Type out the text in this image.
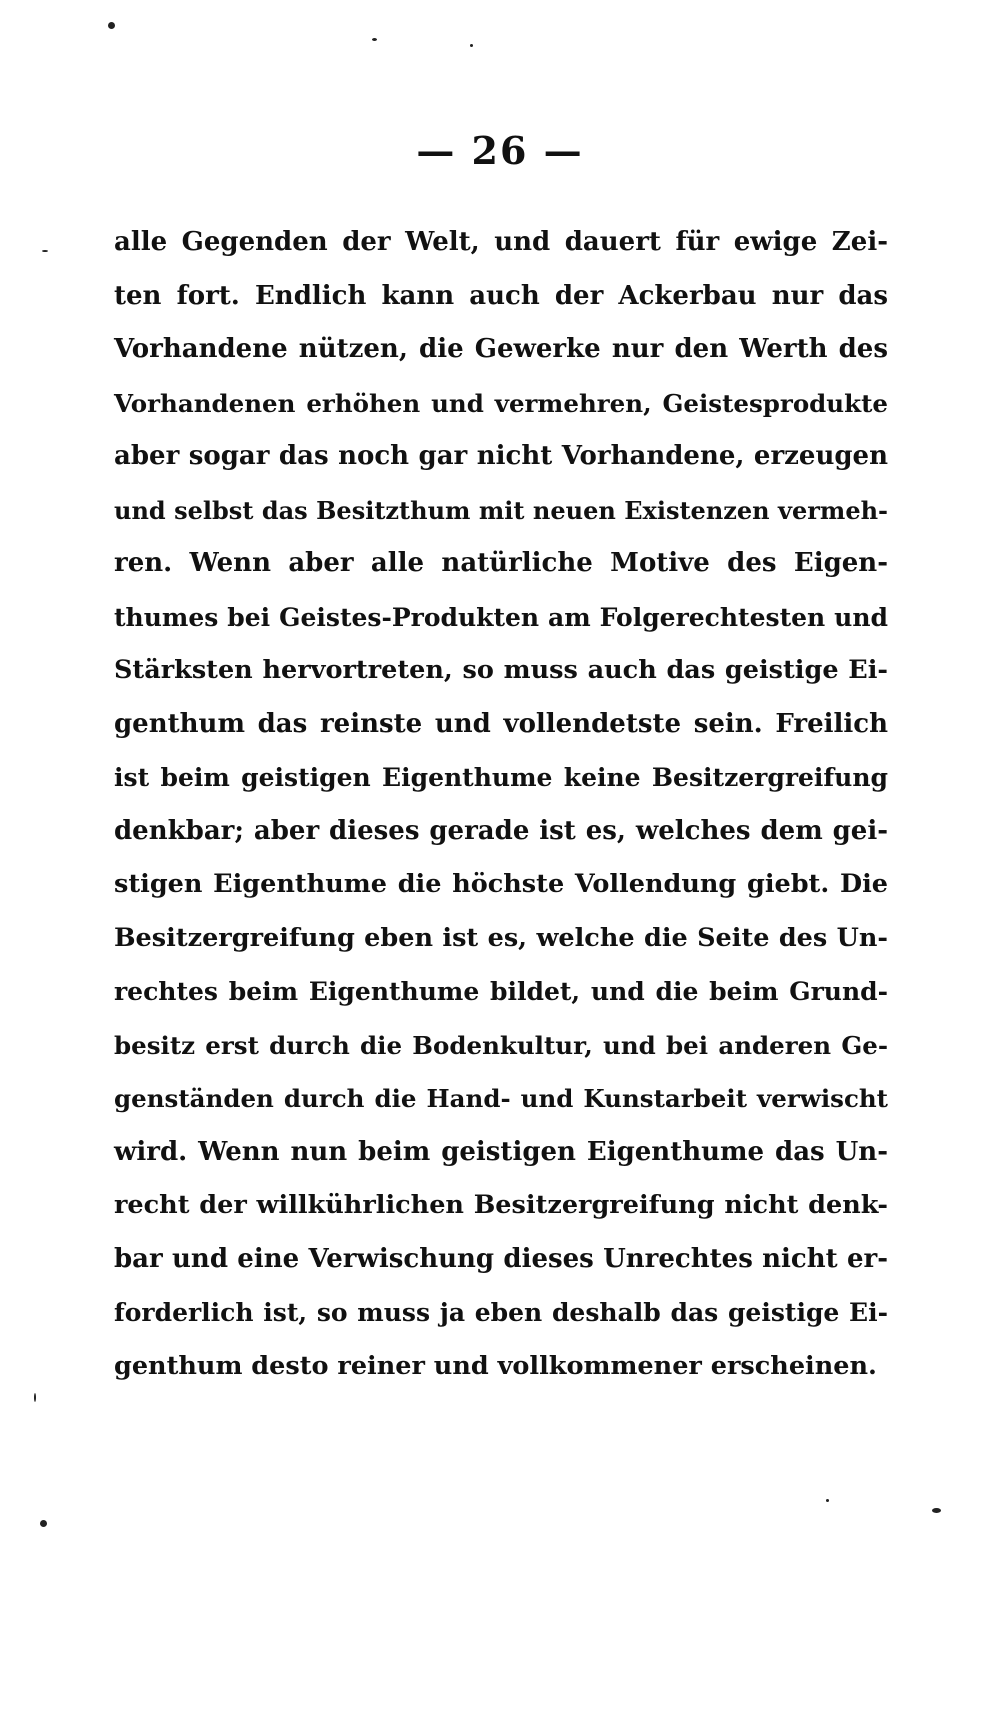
— 26 —
alle Gegenden der Welt, und dauert für ewige Zei-
ten fort. Endlich kann auch der Ackerbau nur das
Vorhandene nützen, die Gewerke nur den Werth des
Vorhandenen erhöhen und vermehren, Geistesprodukte
aber sogar das noch gar nicht Vorhandene, erzeugen
und selbst das Besitzthum mit neuen Existenzen vermeh-
ren. Wenn aber alle natürliche Motive des Eigen-
thumes bei Geistes-Produkten am Folgerechtesten und
Stärksten hervortreten, so muss auch das geistige Ei-
genthum das reinste und vollendetste sein. Freilich
ist beim geistigen Eigenthume keine Besitzergreifung
denkbar; aber dieses gerade ist es, welches dem gei-
stigen Eigenthume die höchste Vollendung giebt. Die
Besitzergreifung eben ist es, welche die Seite des Un-
rechtes beim Eigenthume bildet, und die beim Grund-
besitz erst durch die Bodenkultur, und bei anderen Ge-
genständen durch die Hand- und Kunstarbeit verwischt
wird. Wenn nun beim geistigen Eigenthume das Un-
recht der willkührlichen Besitzergreifung nicht denk-
bar und eine Verwischung dieses Unrechtes nicht er-
forderlich ist, so muss ja eben deshalb das geistige Ei-
genthum desto reiner und vollkommener erscheinen.
